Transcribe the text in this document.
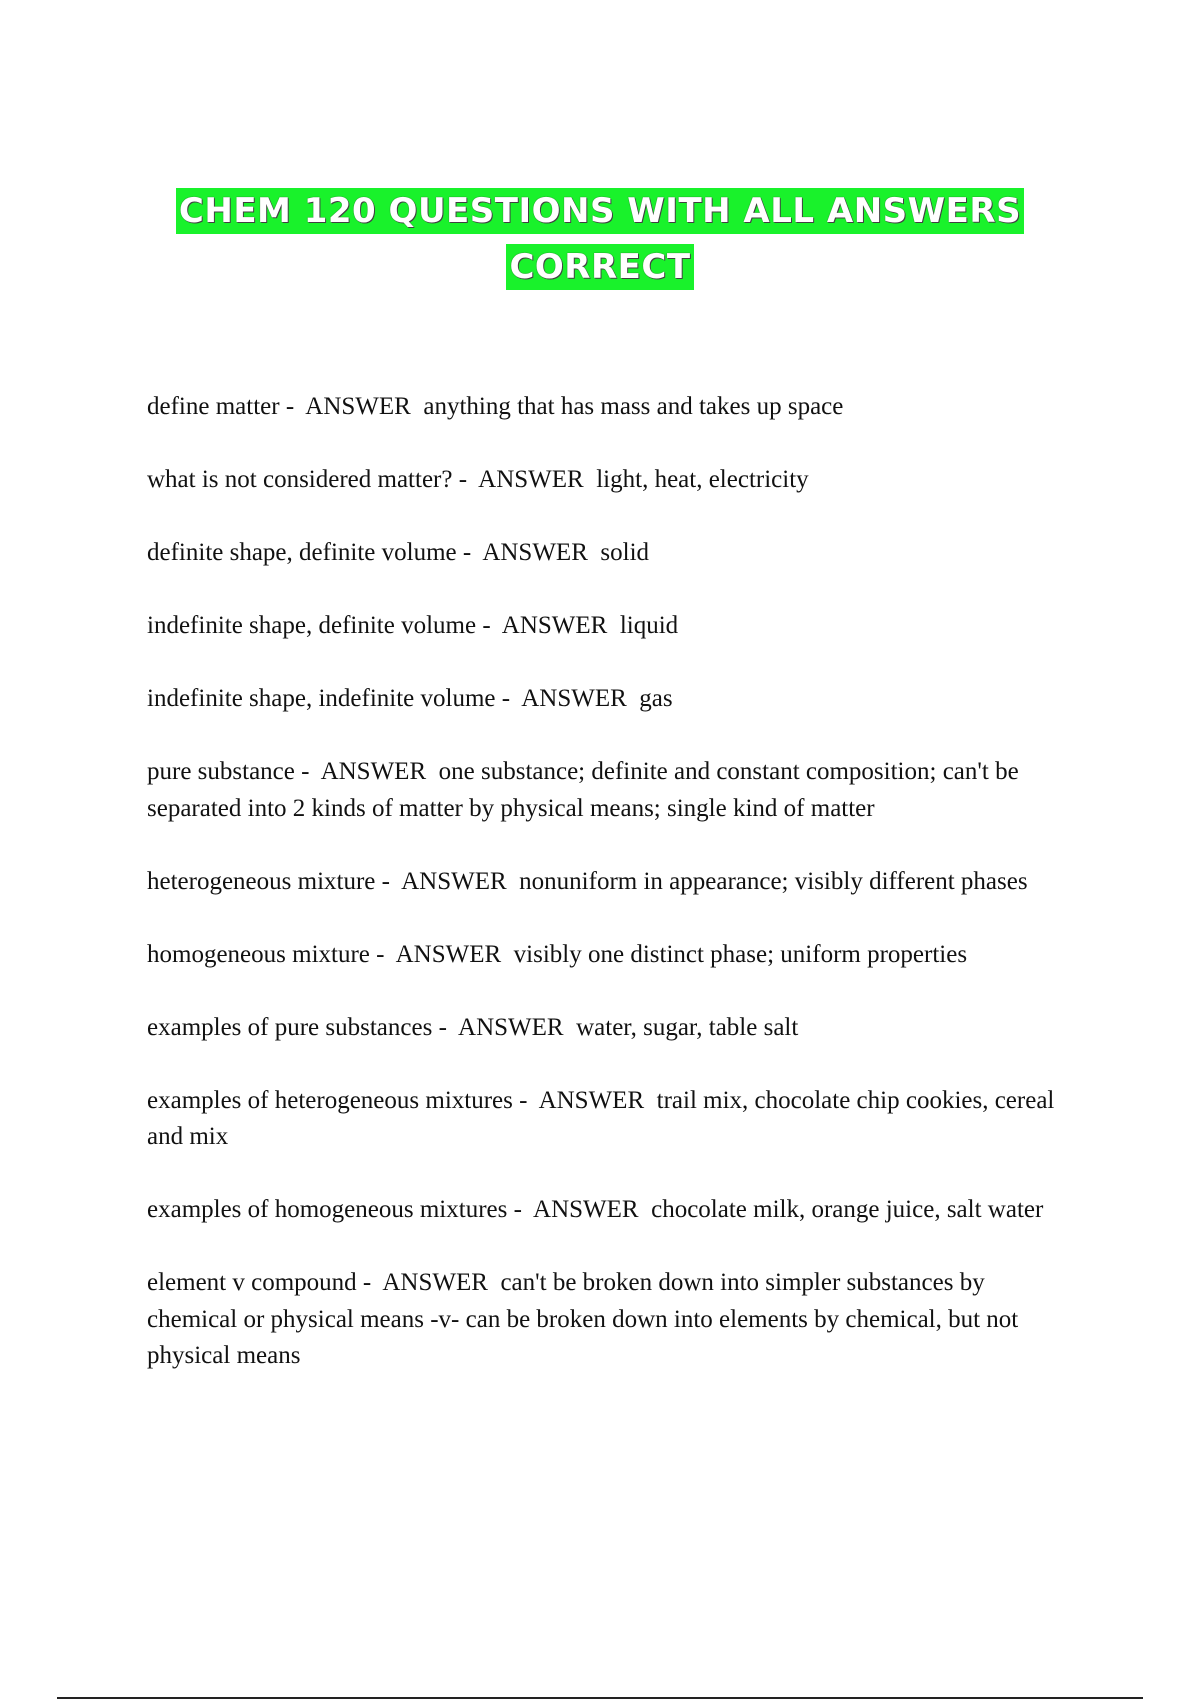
CHEM 120 QUESTIONS WITH ALL ANSWERS
CORRECT

define matter -  ANSWER anything that has mass and takes up space

what is not considered matter? -  ANSWER light, heat, electricity

definite shape, definite volume -  ANSWER solid

indefinite shape, definite volume -  ANSWER liquid

indefinite shape, indefinite volume -  ANSWER gas

pure substance -  ANSWER one substance; definite and constant composition; can't be separated into 2 kinds of matter by physical means; single kind of matter

heterogeneous mixture -  ANSWER nonuniform in appearance; visibly different phases

homogeneous mixture -  ANSWER visibly one distinct phase; uniform properties

examples of pure substances -  ANSWER water, sugar, table salt

examples of heterogeneous mixtures -  ANSWER trail mix, chocolate chip cookies, cereal and mix

examples of homogeneous mixtures -  ANSWER chocolate milk, orange juice, salt water

element v compound -  ANSWER can't be broken down into simpler substances by chemical or physical means -v- can be broken down into elements by chemical, but not physical means
